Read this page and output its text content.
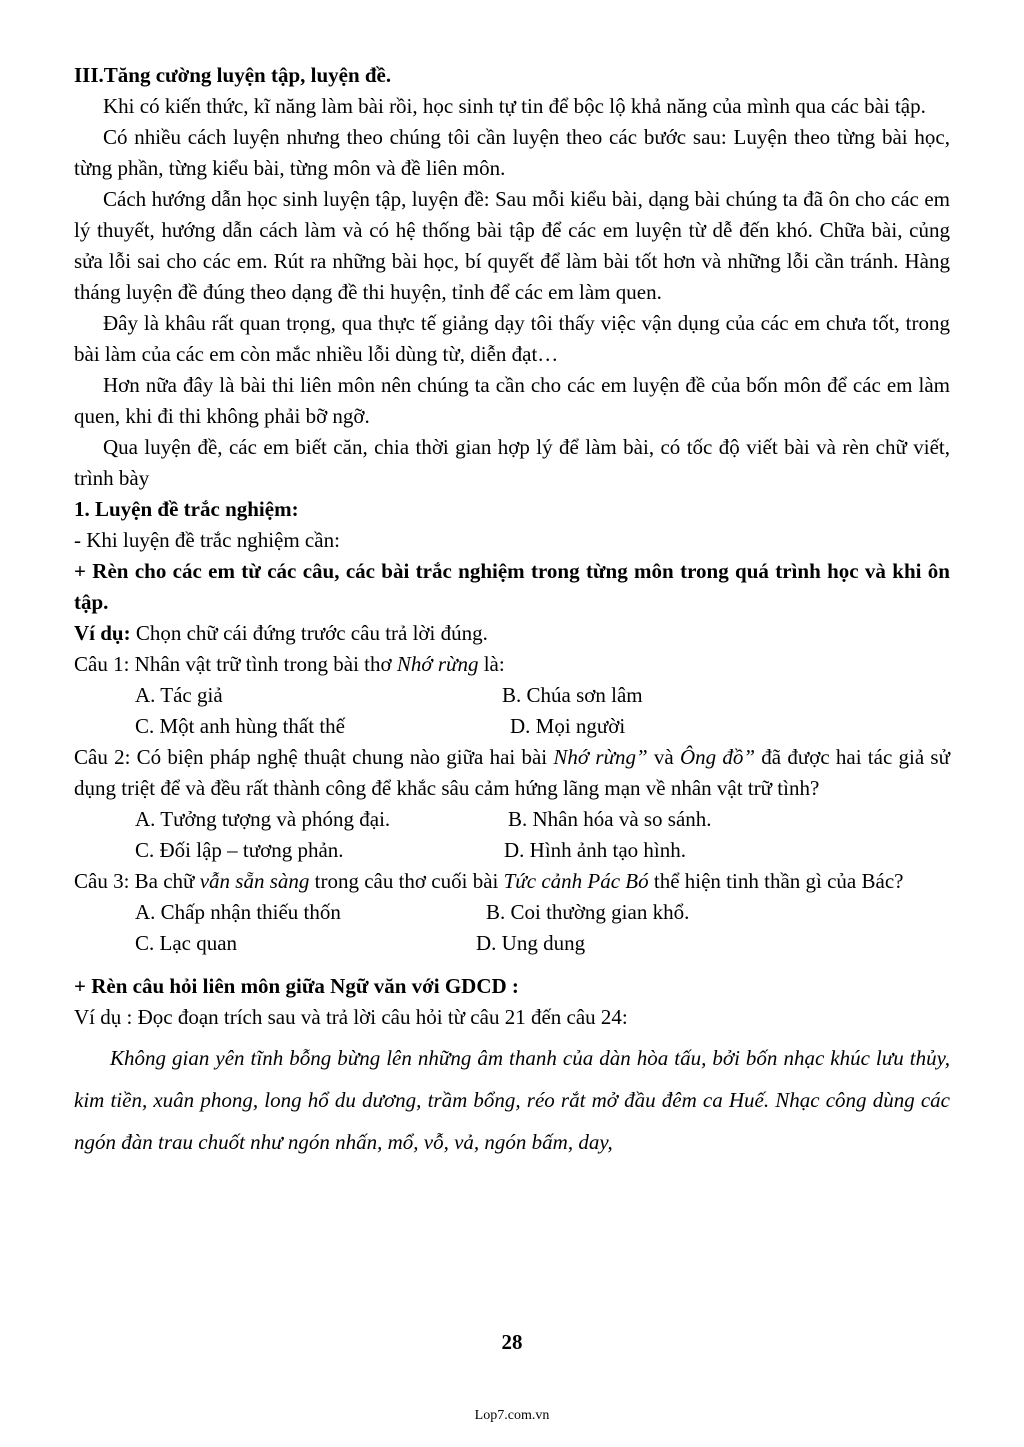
III.Tăng cường luyện tập, luyện đề.

Khi có kiến thức, kĩ năng làm bài rồi, học sinh tự tin để bộc lộ khả năng của mình qua các bài tập.

Có nhiều cách luyện nhưng theo chúng tôi cần luyện theo các bước sau: Luyện theo từng bài học, từng phần, từng kiểu bài, từng môn và đề liên môn.

Cách hướng dẫn học sinh luyện tập, luyện đề: Sau mỗi kiểu bài, dạng bài chúng ta đã ôn cho các em lý thuyết, hướng dẫn cách làm và có hệ thống bài tập để các em luyện từ dễ đến khó. Chữa bài, củng sửa lỗi sai cho các em. Rút ra những bài học, bí quyết để làm bài tốt hơn và những lỗi cần tránh. Hàng tháng luyện đề đúng theo dạng đề thi huyện, tỉnh để các em làm quen.

Đây là khâu rất quan trọng, qua thực tế giảng dạy tôi thấy việc vận dụng của các em chưa tốt, trong bài làm của các em còn mắc nhiều lỗi dùng từ, diễn đạt…

Hơn nữa đây là bài thi liên môn nên chúng ta cần cho các em luyện đề của bốn môn để các em làm quen, khi đi thi không phải bỡ ngỡ.

Qua luyện đề, các em biết căn, chia thời gian hợp lý để làm bài, có tốc độ viết bài và rèn chữ viết, trình bày

1. Luyện đề trắc nghiệm:

- Khi luyện đề trắc nghiệm cần:

+ Rèn cho các em từ các câu, các bài trắc nghiệm trong từng môn trong quá trình học và khi ôn tập.

Ví dụ: Chọn chữ cái đứng trước câu trả lời đúng.

Câu 1: Nhân vật trữ tình trong bài thơ Nhớ rừng là:

A. Tác giả	B. Chúa sơn lâm
C. Một anh hùng thất thế	D. Mọi người

Câu 2: Có biện pháp nghệ thuật chung nào giữa hai bài Nhớ rừng” và Ông đồ” đã được hai tác giả sử dụng triệt để và đều rất thành công để khắc sâu cảm hứng lãng mạn về nhân vật trữ tình?

A. Tưởng tượng và phóng đại.	B. Nhân hóa và so sánh.
C. Đối lập – tương phản.	D. Hình ảnh tạo hình.

Câu 3: Ba chữ vẫn sẵn sàng trong câu thơ cuối bài Tức cảnh Pác Bó thể hiện tinh thần gì của Bác?

A. Chấp nhận thiếu thốn	B. Coi thường gian khổ.
C. Lạc quan	D. Ung dung

+ Rèn câu hỏi liên môn giữa Ngữ văn với GDCD :

Ví dụ : Đọc đoạn trích sau và trả lời câu hỏi từ câu 21 đến câu 24:

Không gian yên tĩnh bỗng bừng lên những âm thanh của dàn hòa tấu, bởi bốn nhạc khúc lưu thủy, kim tiền, xuân phong, long hổ du dương, trầm bổng, réo rắt mở đầu đêm ca Huế. Nhạc công dùng các ngón đàn trau chuốt như ngón nhấn, mổ, vỗ, vả, ngón bấm, day,

28
Lop7.com.vn
